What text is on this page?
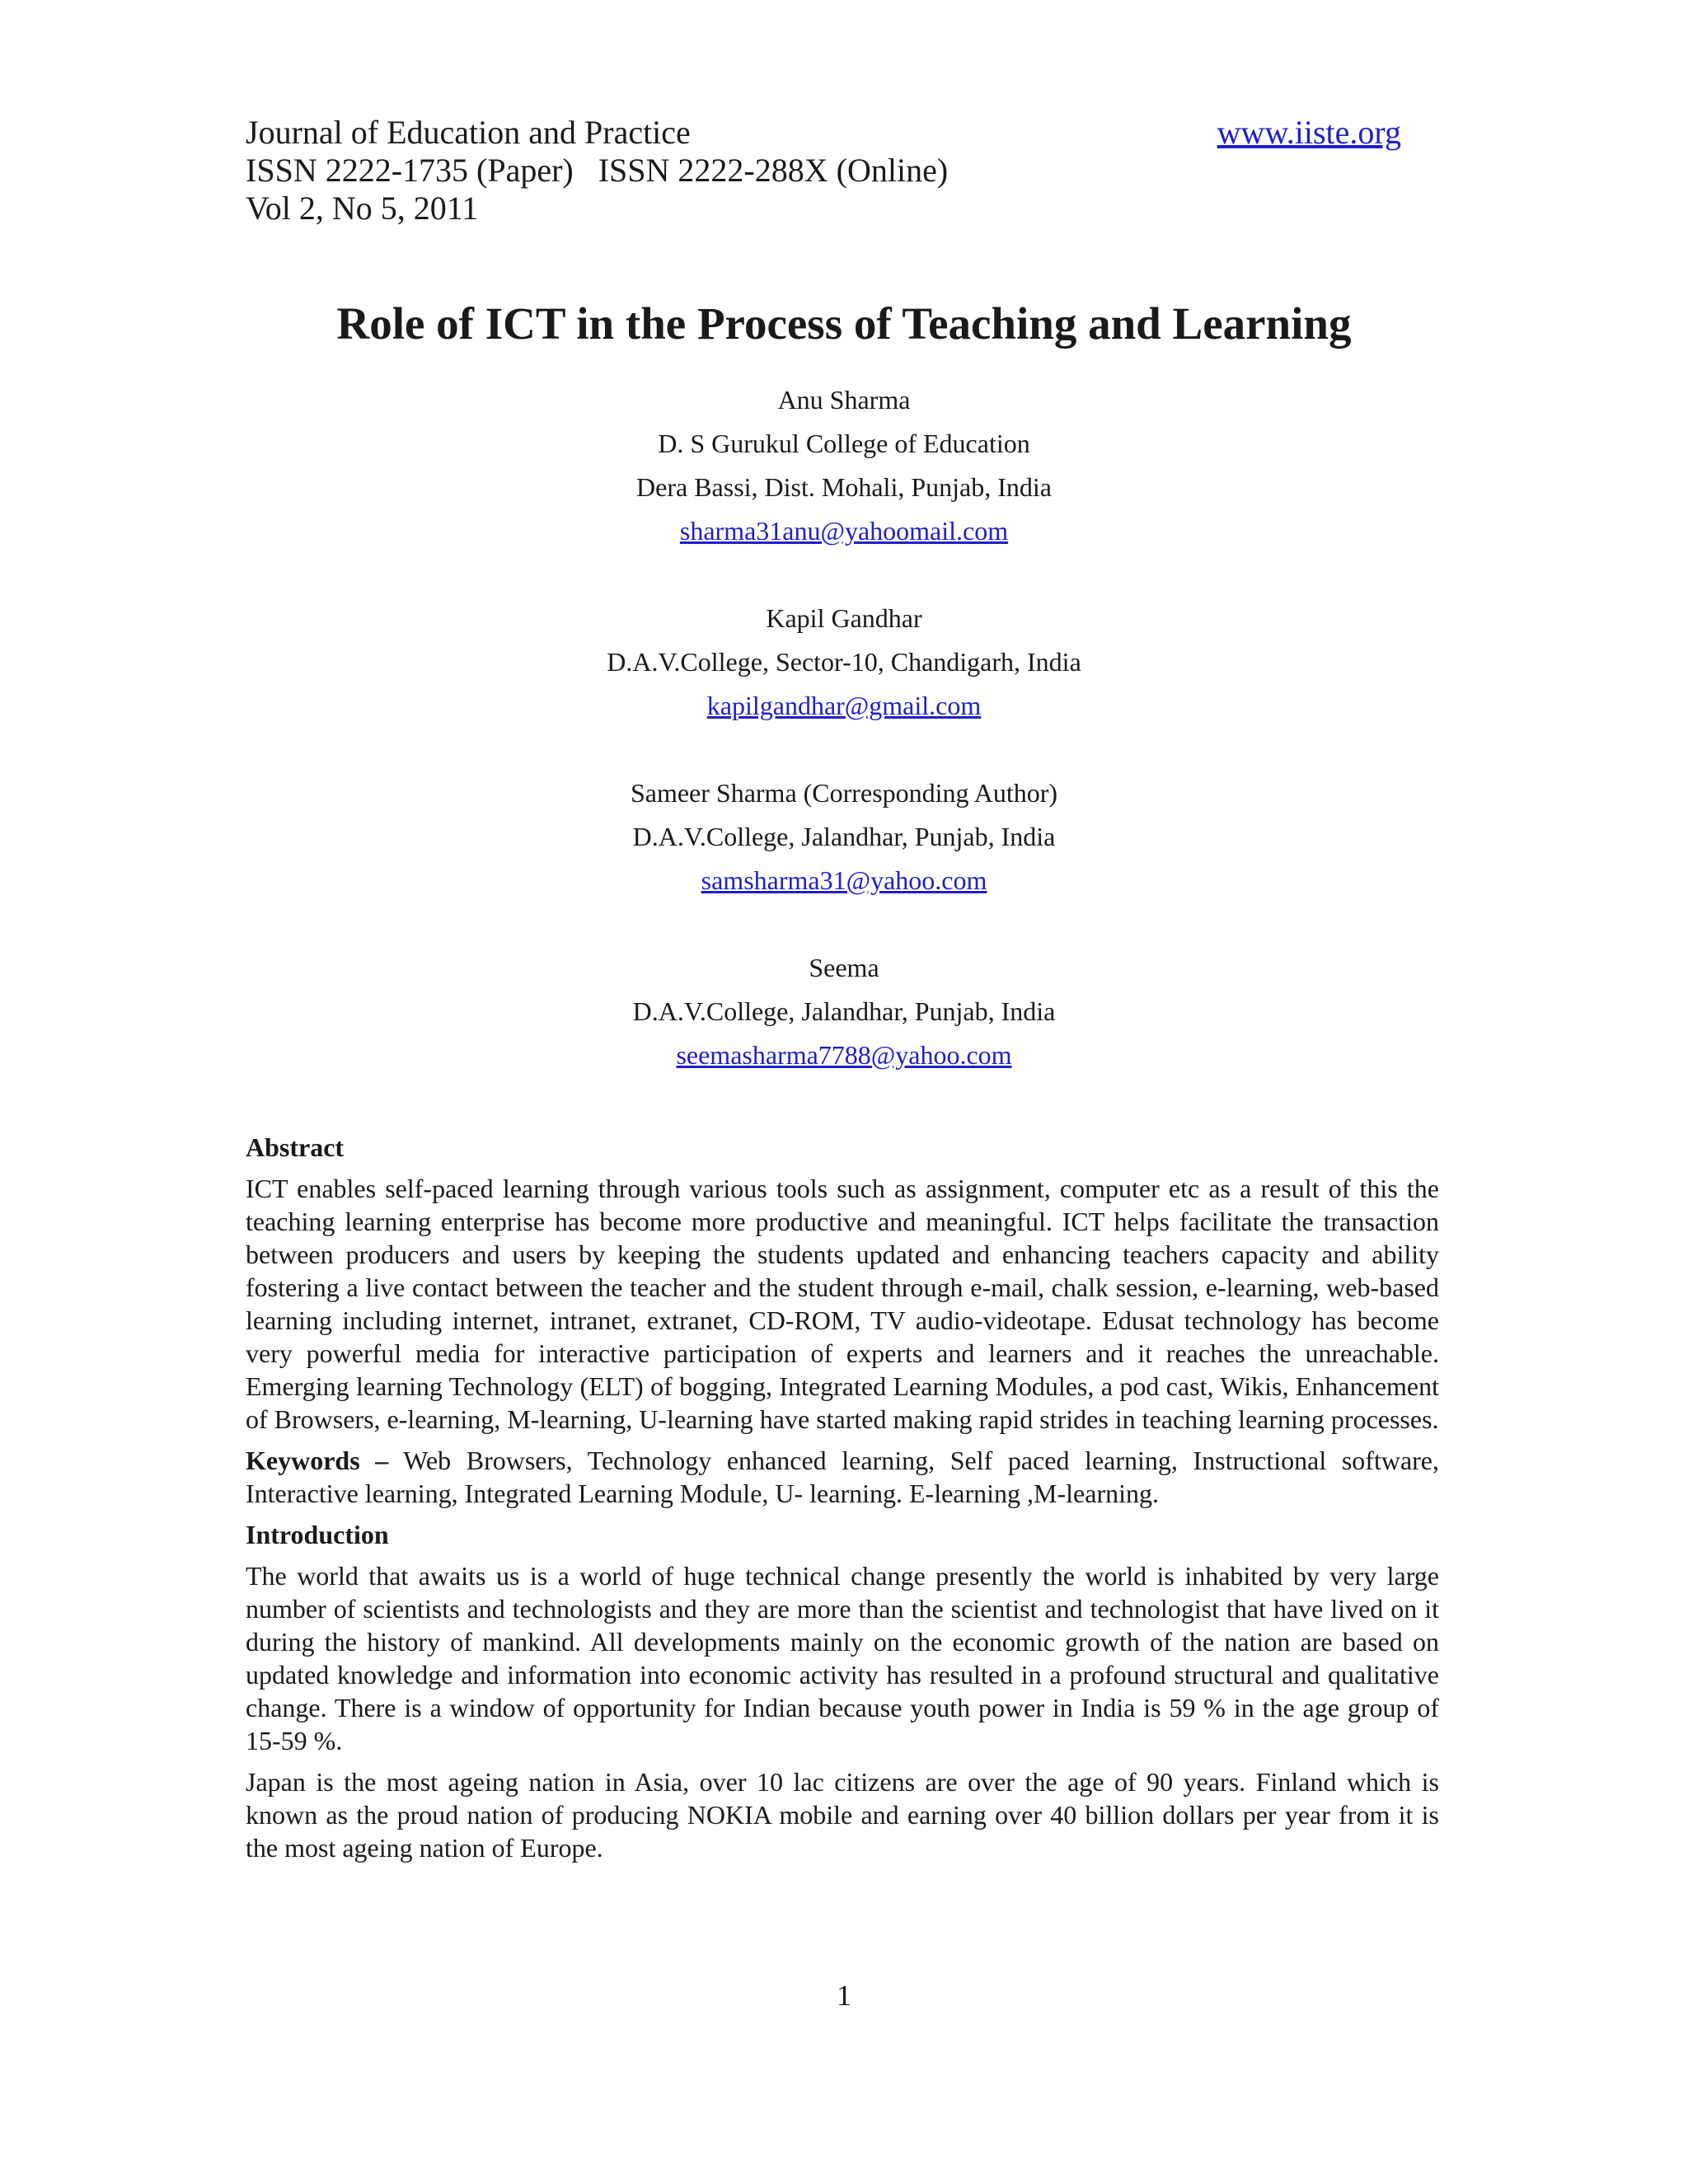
Journal of Education and Practice	www.iiste.org
ISSN 2222-1735 (Paper) ISSN 2222-288X (Online)
Vol 2, No 5, 2011
Role of ICT in the Process of Teaching and Learning
Anu Sharma
D. S Gurukul College of Education
Dera Bassi, Dist. Mohali, Punjab, India
sharma31anu@yahoomail.com
Kapil Gandhar
D.A.V.College, Sector-10, Chandigarh, India
kapilgandhar@gmail.com
Sameer Sharma (Corresponding Author)
D.A.V.College, Jalandhar, Punjab, India
samsharma31@yahoo.com
Seema
D.A.V.College, Jalandhar, Punjab, India
seemasharma7788@yahoo.com
Abstract

ICT enables self-paced learning through various tools such as assignment, computer etc as a result of this the teaching learning enterprise has become more productive and meaningful. ICT helps facilitate the transaction between producers and users by keeping the students updated and enhancing teachers capacity and ability fostering a live contact between the teacher and the student through e-mail, chalk session, e-learning, web-based learning including internet, intranet, extranet, CD-ROM, TV audio-videotape. Edusat technology has become very powerful media for interactive participation of experts and learners and it reaches the unreachable. Emerging learning Technology (ELT) of bogging, Integrated Learning Modules, a pod cast, Wikis, Enhancement of Browsers, e-learning, M-learning, U-learning have started making rapid strides in teaching learning processes.

Keywords – Web Browsers, Technology enhanced learning, Self paced learning, Instructional software, Interactive learning, Integrated Learning Module, U- learning. E-learning ,M-learning.

Introduction

The world that awaits us is a world of huge technical change presently the world is inhabited by very large number of scientists and technologists and they are more than the scientist and technologist that have lived on it during the history of mankind. All developments mainly on the economic growth of the nation are based on updated knowledge and information into economic activity has resulted in a profound structural and qualitative change. There is a window of opportunity for Indian because youth power in India is 59 % in the age group of 15-59 %.

Japan is the most ageing nation in Asia, over 10 lac citizens are over the age of 90 years. Finland which is known as the proud nation of producing NOKIA mobile and earning over 40 billion dollars per year from it is the most ageing nation of Europe.

1
